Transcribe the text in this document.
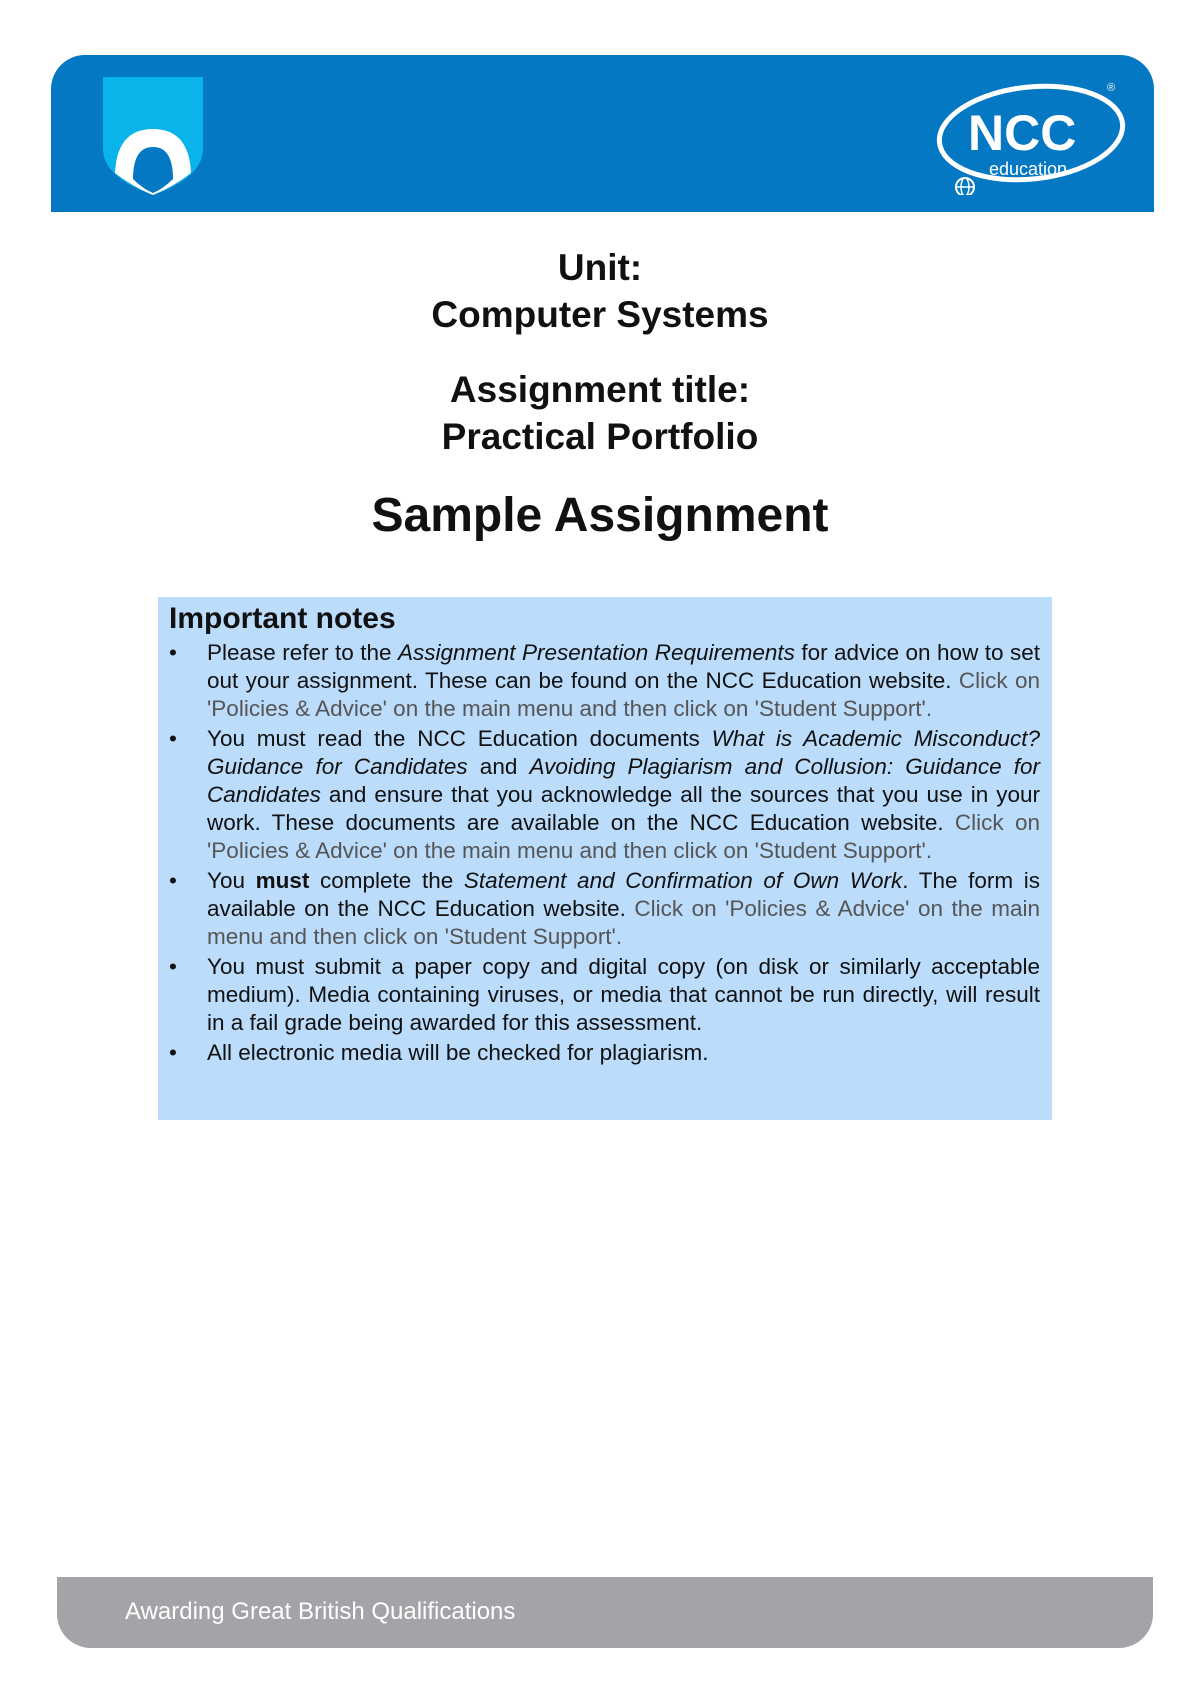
NCC
education
®
Unit:
Computer Systems
Assignment title:
Practical Portfolio
Sample Assignment
Important notes
•	Please refer to the Assignment Presentation Requirements for advice on how to set out your assignment. These can be found on the NCC Education website. Click on 'Policies & Advice' on the main menu and then click on 'Student Support'.
•	You must read the NCC Education documents What is Academic Misconduct? Guidance for Candidates and Avoiding Plagiarism and Collusion: Guidance for Candidates and ensure that you acknowledge all the sources that you use in your work. These documents are available on the NCC Education website. Click on 'Policies & Advice' on the main menu and then click on 'Student Support'.
•	You must complete the Statement and Confirmation of Own Work. The form is available on the NCC Education website. Click on 'Policies & Advice' on the main menu and then click on 'Student Support'.
•	You must submit a paper copy and digital copy (on disk or similarly acceptable medium). Media containing viruses, or media that cannot be run directly, will result in a fail grade being awarded for this assessment.
•	All electronic media will be checked for plagiarism.
Awarding Great British Qualifications
